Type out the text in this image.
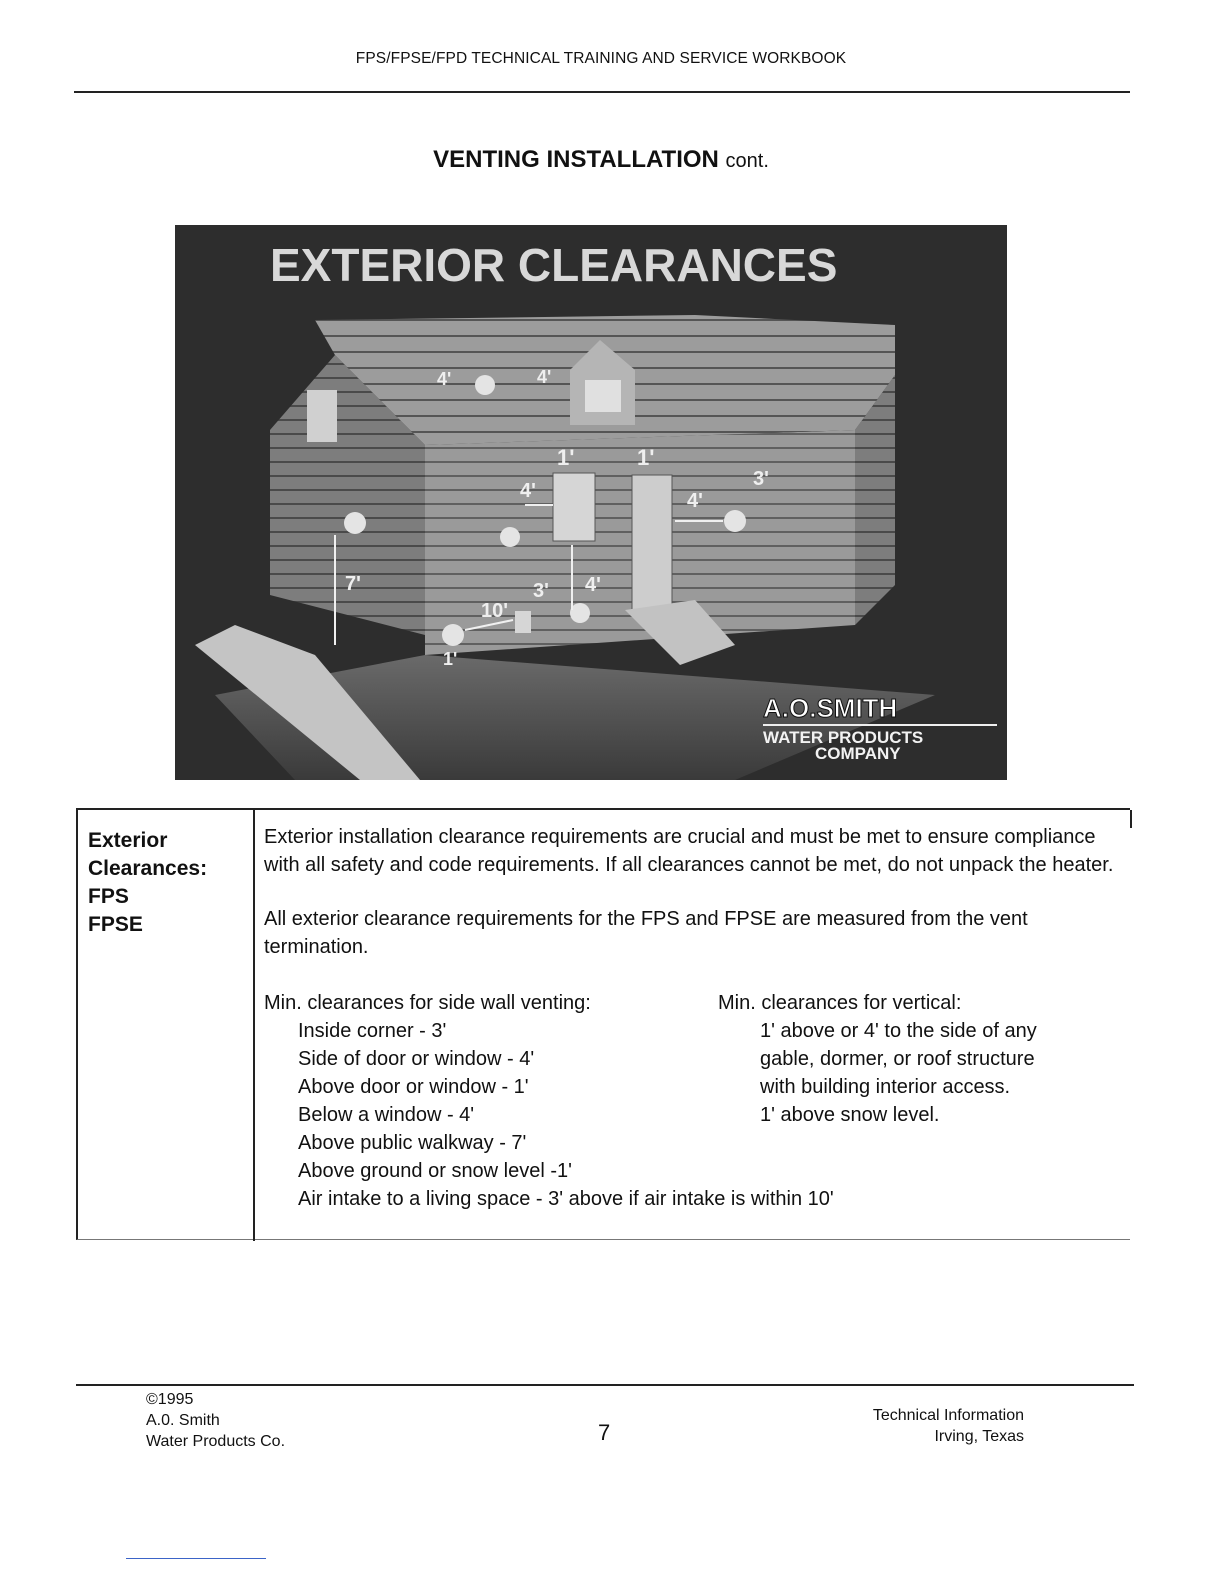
FPS/FPSE/FPD TECHNICAL TRAINING AND SERVICE WORKBOOK
VENTING INSTALLATION cont.
EXTERIOR CLEARANCES
4'	4'
1'	1'
3'
4'	4'
7'	3' 4'
10'
1'
A.O.SMITH
WATER PRODUCTS
COMPANY
Exterior
Clearances:
FPS
FPSE

Exterior installation clearance requirements are crucial and must be met to ensure compliance with all safety and code requirements. If all clearances cannot be met, do not unpack the heater.

All exterior clearance requirements for the FPS and FPSE are measured from the vent termination.

Min. clearances for side wall venting:
Inside corner - 3'
Side of door or window - 4'
Above door or window - 1'
Below a window - 4'
Above public walkway - 7'
Above ground or snow level -1'
Air intake to a living space - 3' above if air intake is within 10'
Min. clearances for vertical:
1' above or 4' to the side of any
gable, dormer, or roof structure
with building interior access.
1' above snow level.
©1995
A.0. Smith
Water Products Co.	7
Technical Information
Irving, Texas
